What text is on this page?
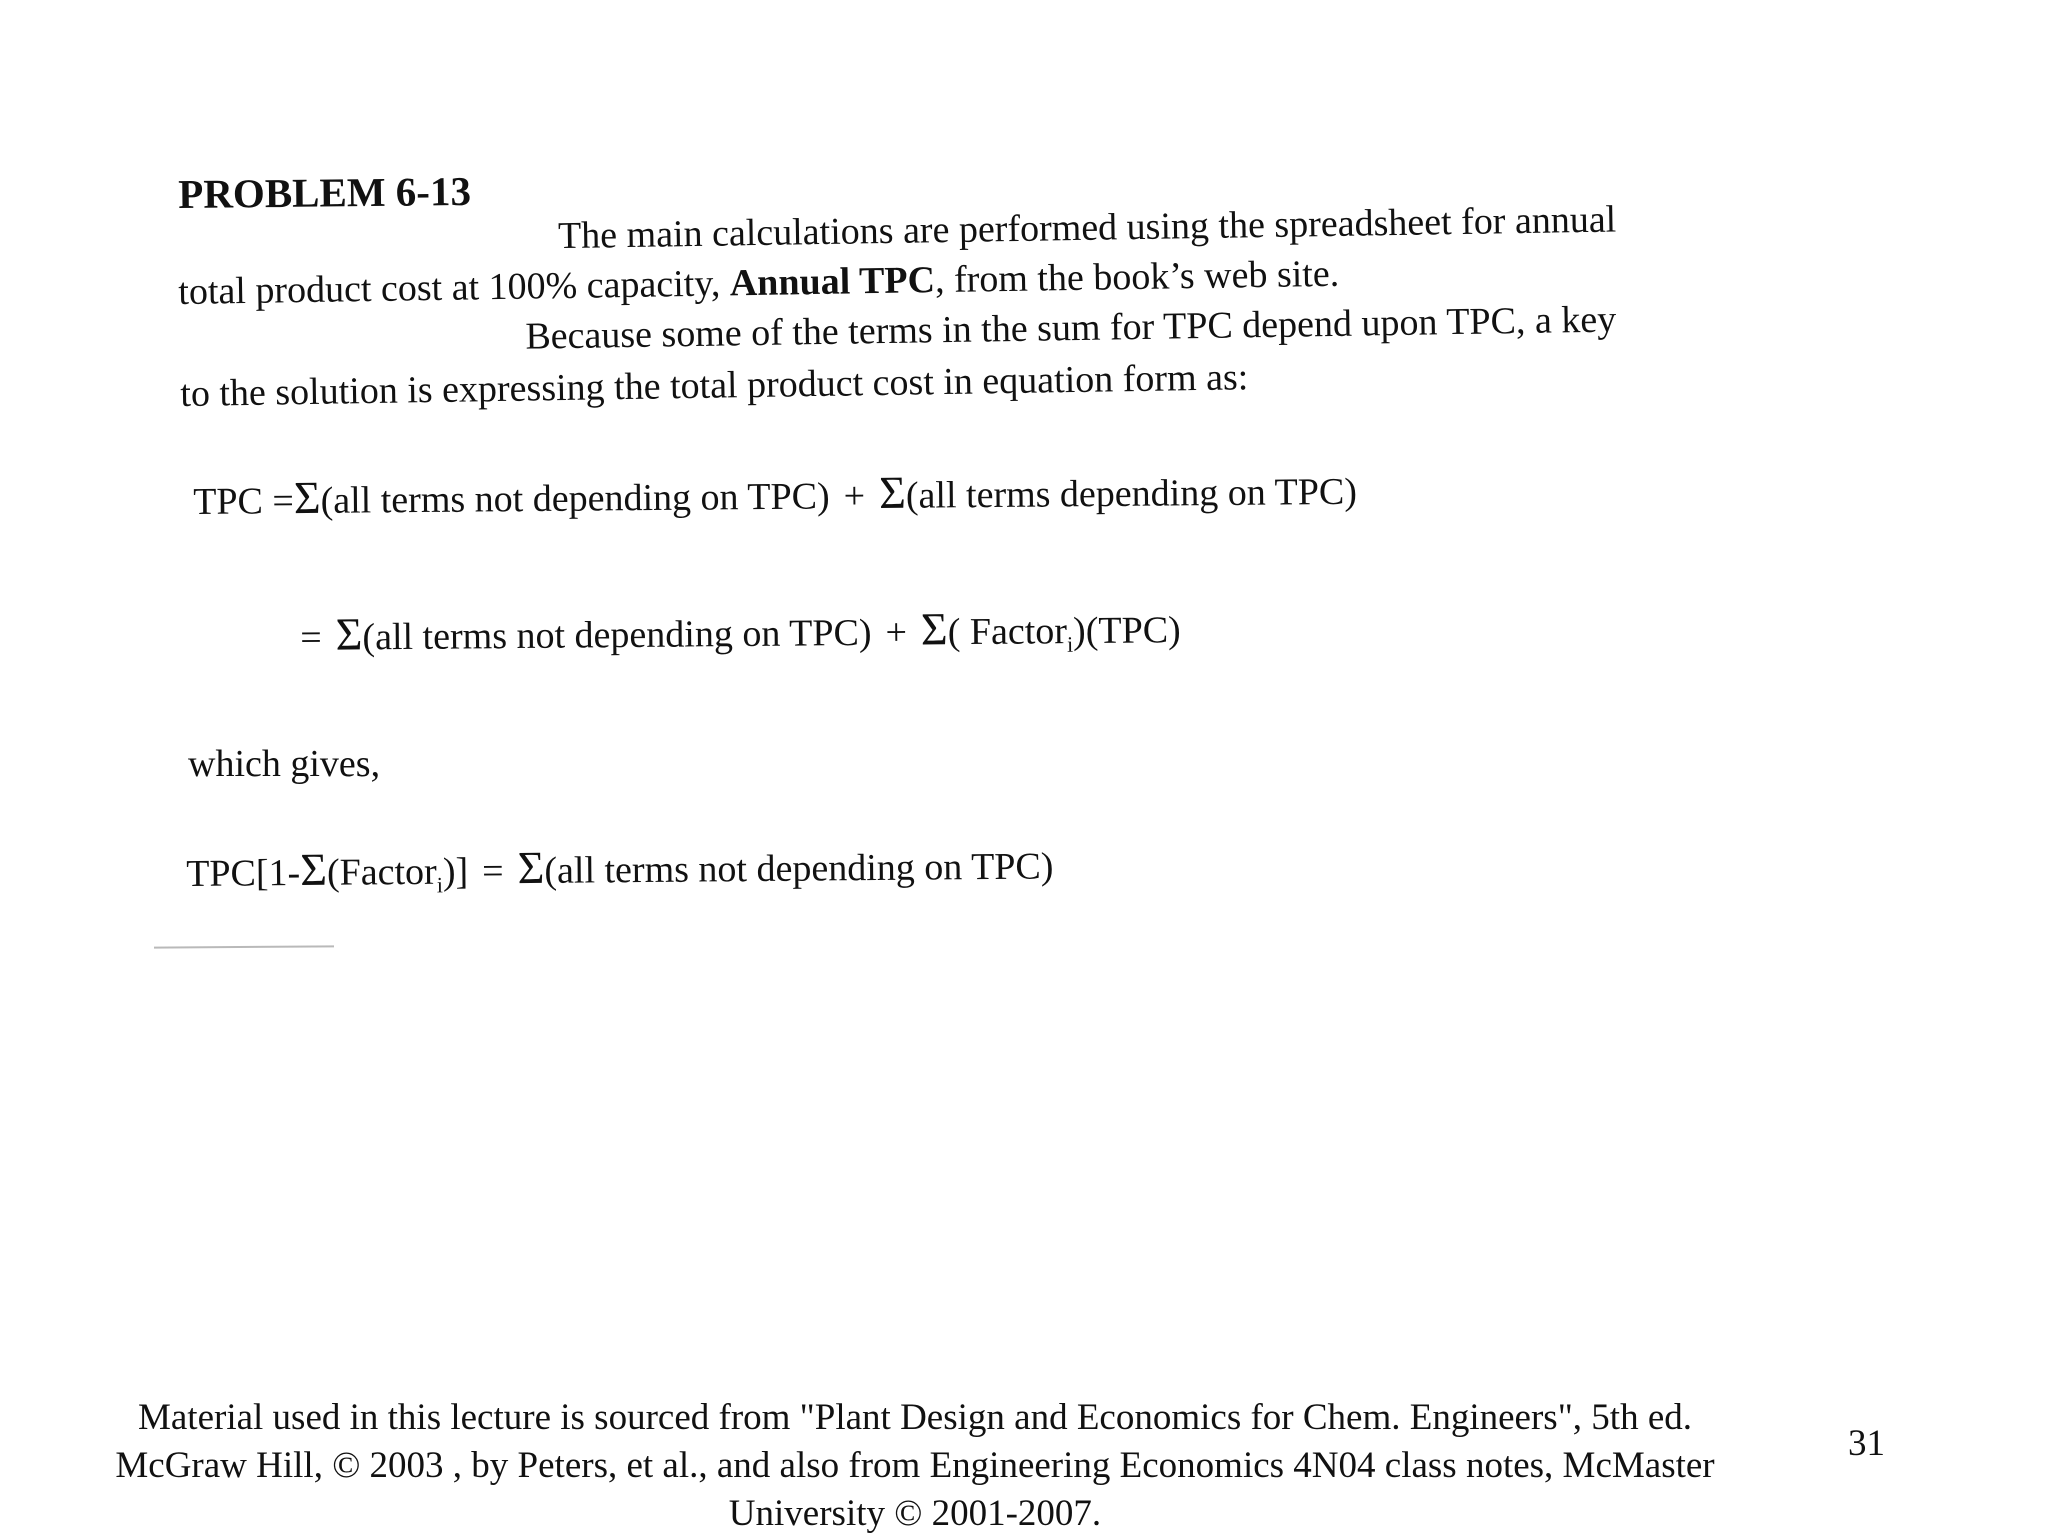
PROBLEM 6-13
The main calculations are performed using the spreadsheet for annual
total product cost at 100% capacity, Annual TPC, from the book’s web site.
Because some of the terms in the sum for TPC depend upon TPC, a key
to the solution is expressing the total product cost in equation form as:
TPC =Σ(all terms not depending on TPC) + Σ(all terms depending on TPC)
= Σ(all terms not depending on TPC) + Σ( Factor$_i$)(TPC)
which gives,
TPC[1-Σ(Factor$_i$)] = Σ(all terms not depending on TPC)
Material used in this lecture is sourced from "Plant Design and Economics for Chem. Engineers", 5th ed.
McGraw Hill, © 2003 , by Peters, et al., and also from Engineering Economics 4N04 class notes, McMaster
University © 2001-2007.
31
